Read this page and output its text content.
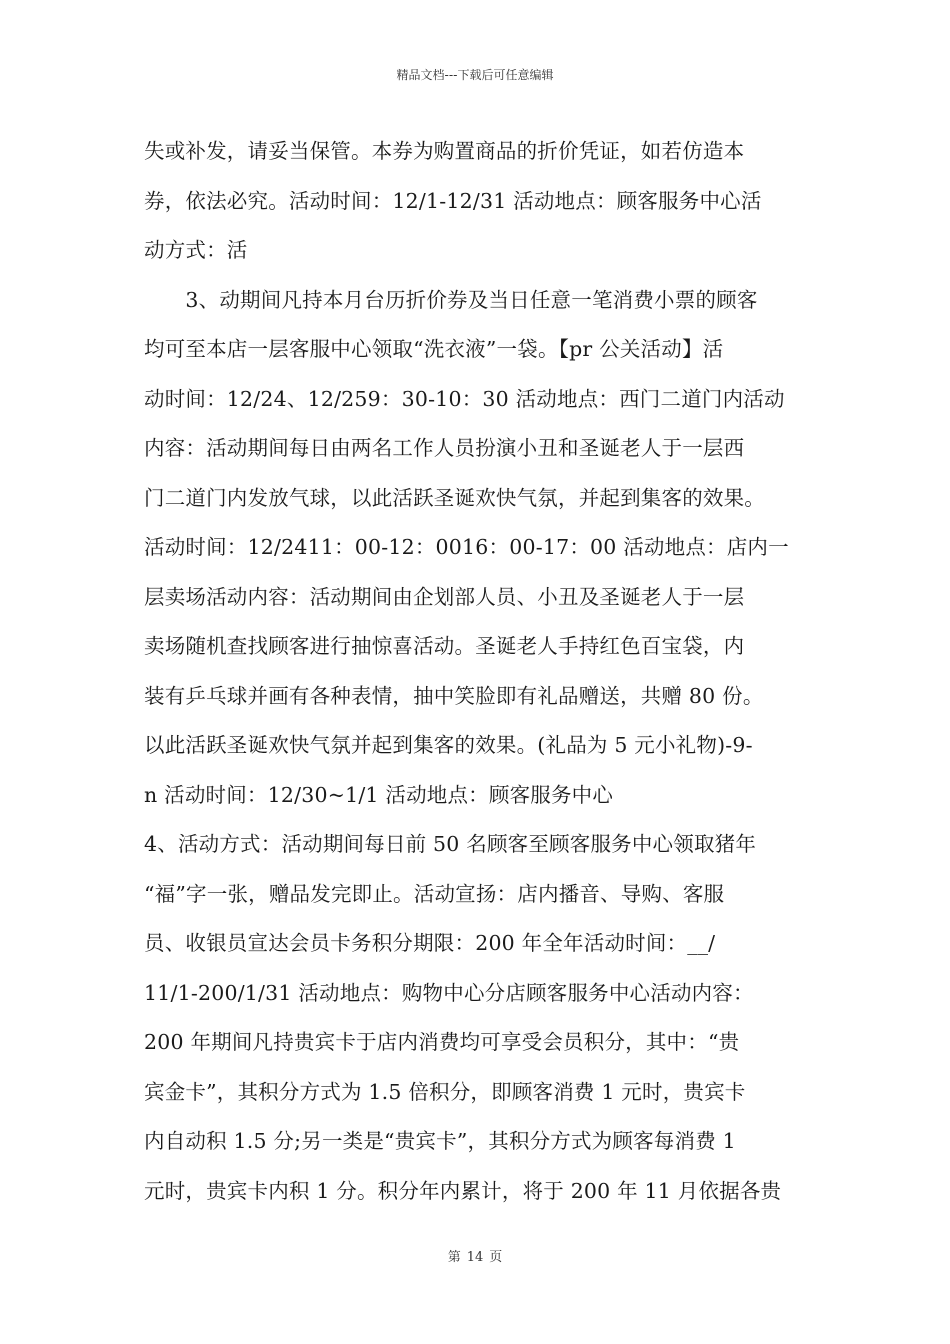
精品文档---下载后可任意编辑
失或补发，请妥当保管。本券为购置商品的折价凭证，如若仿造本
券，依法必究。活动时间：12/1-12/31 活动地点：顾客服务中心活
动方式：活
　　3、动期间凡持本月台历折价券及当日任意一笔消费小票的顾客
均可至本店一层客服中心领取“洗衣液”一袋。【pr 公关活动】活
动时间：12/24、12/259：30-10：30 活动地点：西门二道门内活动
内容：活动期间每日由两名工作人员扮演小丑和圣诞老人于一层西
门二道门内发放气球，以此活跃圣诞欢快气氛，并起到集客的效果。
活动时间：12/2411：00-12：0016：00-17：00 活动地点：店内一
层卖场活动内容：活动期间由企划部人员、小丑及圣诞老人于一层
卖场随机查找顾客进行抽惊喜活动。圣诞老人手持红色百宝袋，内
装有乒乓球并画有各种表情，抽中笑脸即有礼品赠送，共赠 80 份。
以此活跃圣诞欢快气氛并起到集客的效果。(礼品为 5 元小礼物)-9-
n 活动时间：12/30~1/1 活动地点：顾客服务中心
4、活动方式：活动期间每日前 50 名顾客至顾客服务中心领取猪年
“福”字一张，赠品发完即止。活动宣扬：店内播音、导购、客服
员、收银员宣达会员卡务积分期限：200 年全年活动时间：__/
11/1-200/1/31 活动地点：购物中心分店顾客服务中心活动内容：
200 年期间凡持贵宾卡于店内消费均可享受会员积分，其中：“贵
宾金卡”，其积分方式为 1.5 倍积分，即顾客消费 1 元时，贵宾卡
内自动积 1.5 分;另一类是“贵宾卡”，其积分方式为顾客每消费 1
元时，贵宾卡内积 1 分。积分年内累计，将于 200 年 11 月依据各贵
第 14 页
